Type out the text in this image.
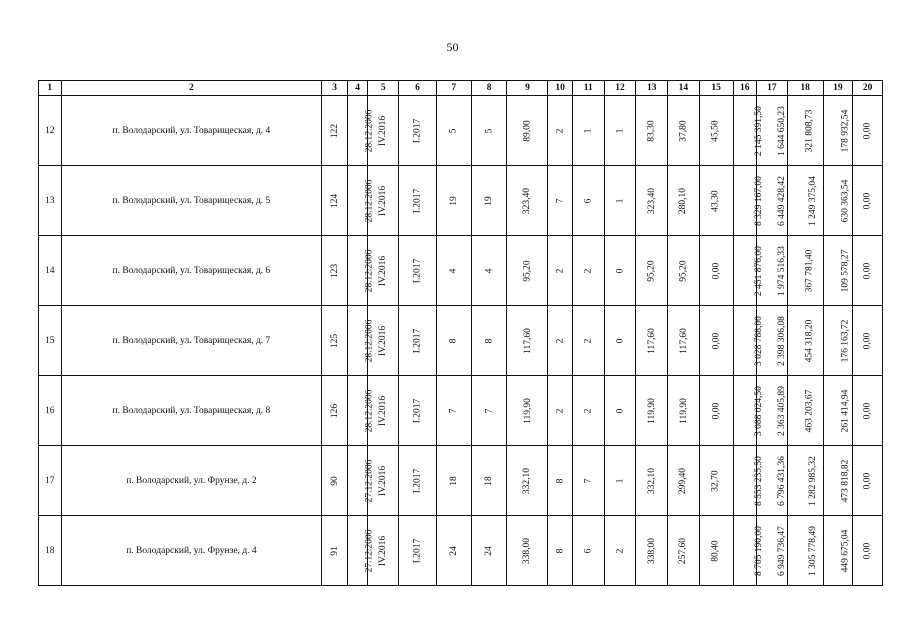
50
1	2	3	4	5	6	7	8	9	10	11	12	13	14	15	16	17	18	19	20
12	п. Володарский, ул. Товарищеская, д. 4	122	28.12.2006	IV.2016	I.2017	5	5	89,00	2	1	1	83,30	37,80	45,50	2 145 391,50	1 644 650,23	321 808,73	178 932,54	0,00
13	п. Володарский, ул. Товарищеская, д. 5	124	28.12.2006	IV.2016	I.2017	19	19	323,40	7	6	1	323,40	280,10	43,30	8 329 167,00	6 449 428,42	1 249 375,04	630 363,54	0,00
14	п. Володарский, ул. Товарищеская, д. 6	123	28.12.2006	IV.2016	I.2017	4	4	95,20	2	2	0	95,20	95,20	0,00	2 451 876,00	1 974 516,33	367 781,40	109 578,27	0,00
15	п. Володарский, ул. Товарищеская, д. 7	125	28.12.2006	IV.2016	I.2017	8	8	117,60	2	2	0	117,60	117,60	0,00	3 028 788,00	2 398 306,08	454 318,20	176 163,72	0,00
16	п. Володарский, ул. Товарищеская, д. 8	126	28.12.2006	IV.2016	I.2017	7	7	119,90	2	2	0	119,90	119,90	0,00	3 088 024,50	2 363 405,89	463 203,67	261 414,94	0,00
17	п. Володарский, ул. Фрунзе, д. 2	90	27.12.2006	IV.2016	I.2017	18	18	332,10	8	7	1	332,10	299,40	32,70	8 553 235,50	6 796 431,36	1 282 985,32	473 818,82	0,00
18	п. Володарский, ул. Фрунзе, д. 4	91	27.12.2006	IV.2016	I.2017	24	24	338,00	8	6	2	338,00	257,60	80,40	8 705 190,00	6 949 736,47	1 305 778,49	449 675,04	0,00
